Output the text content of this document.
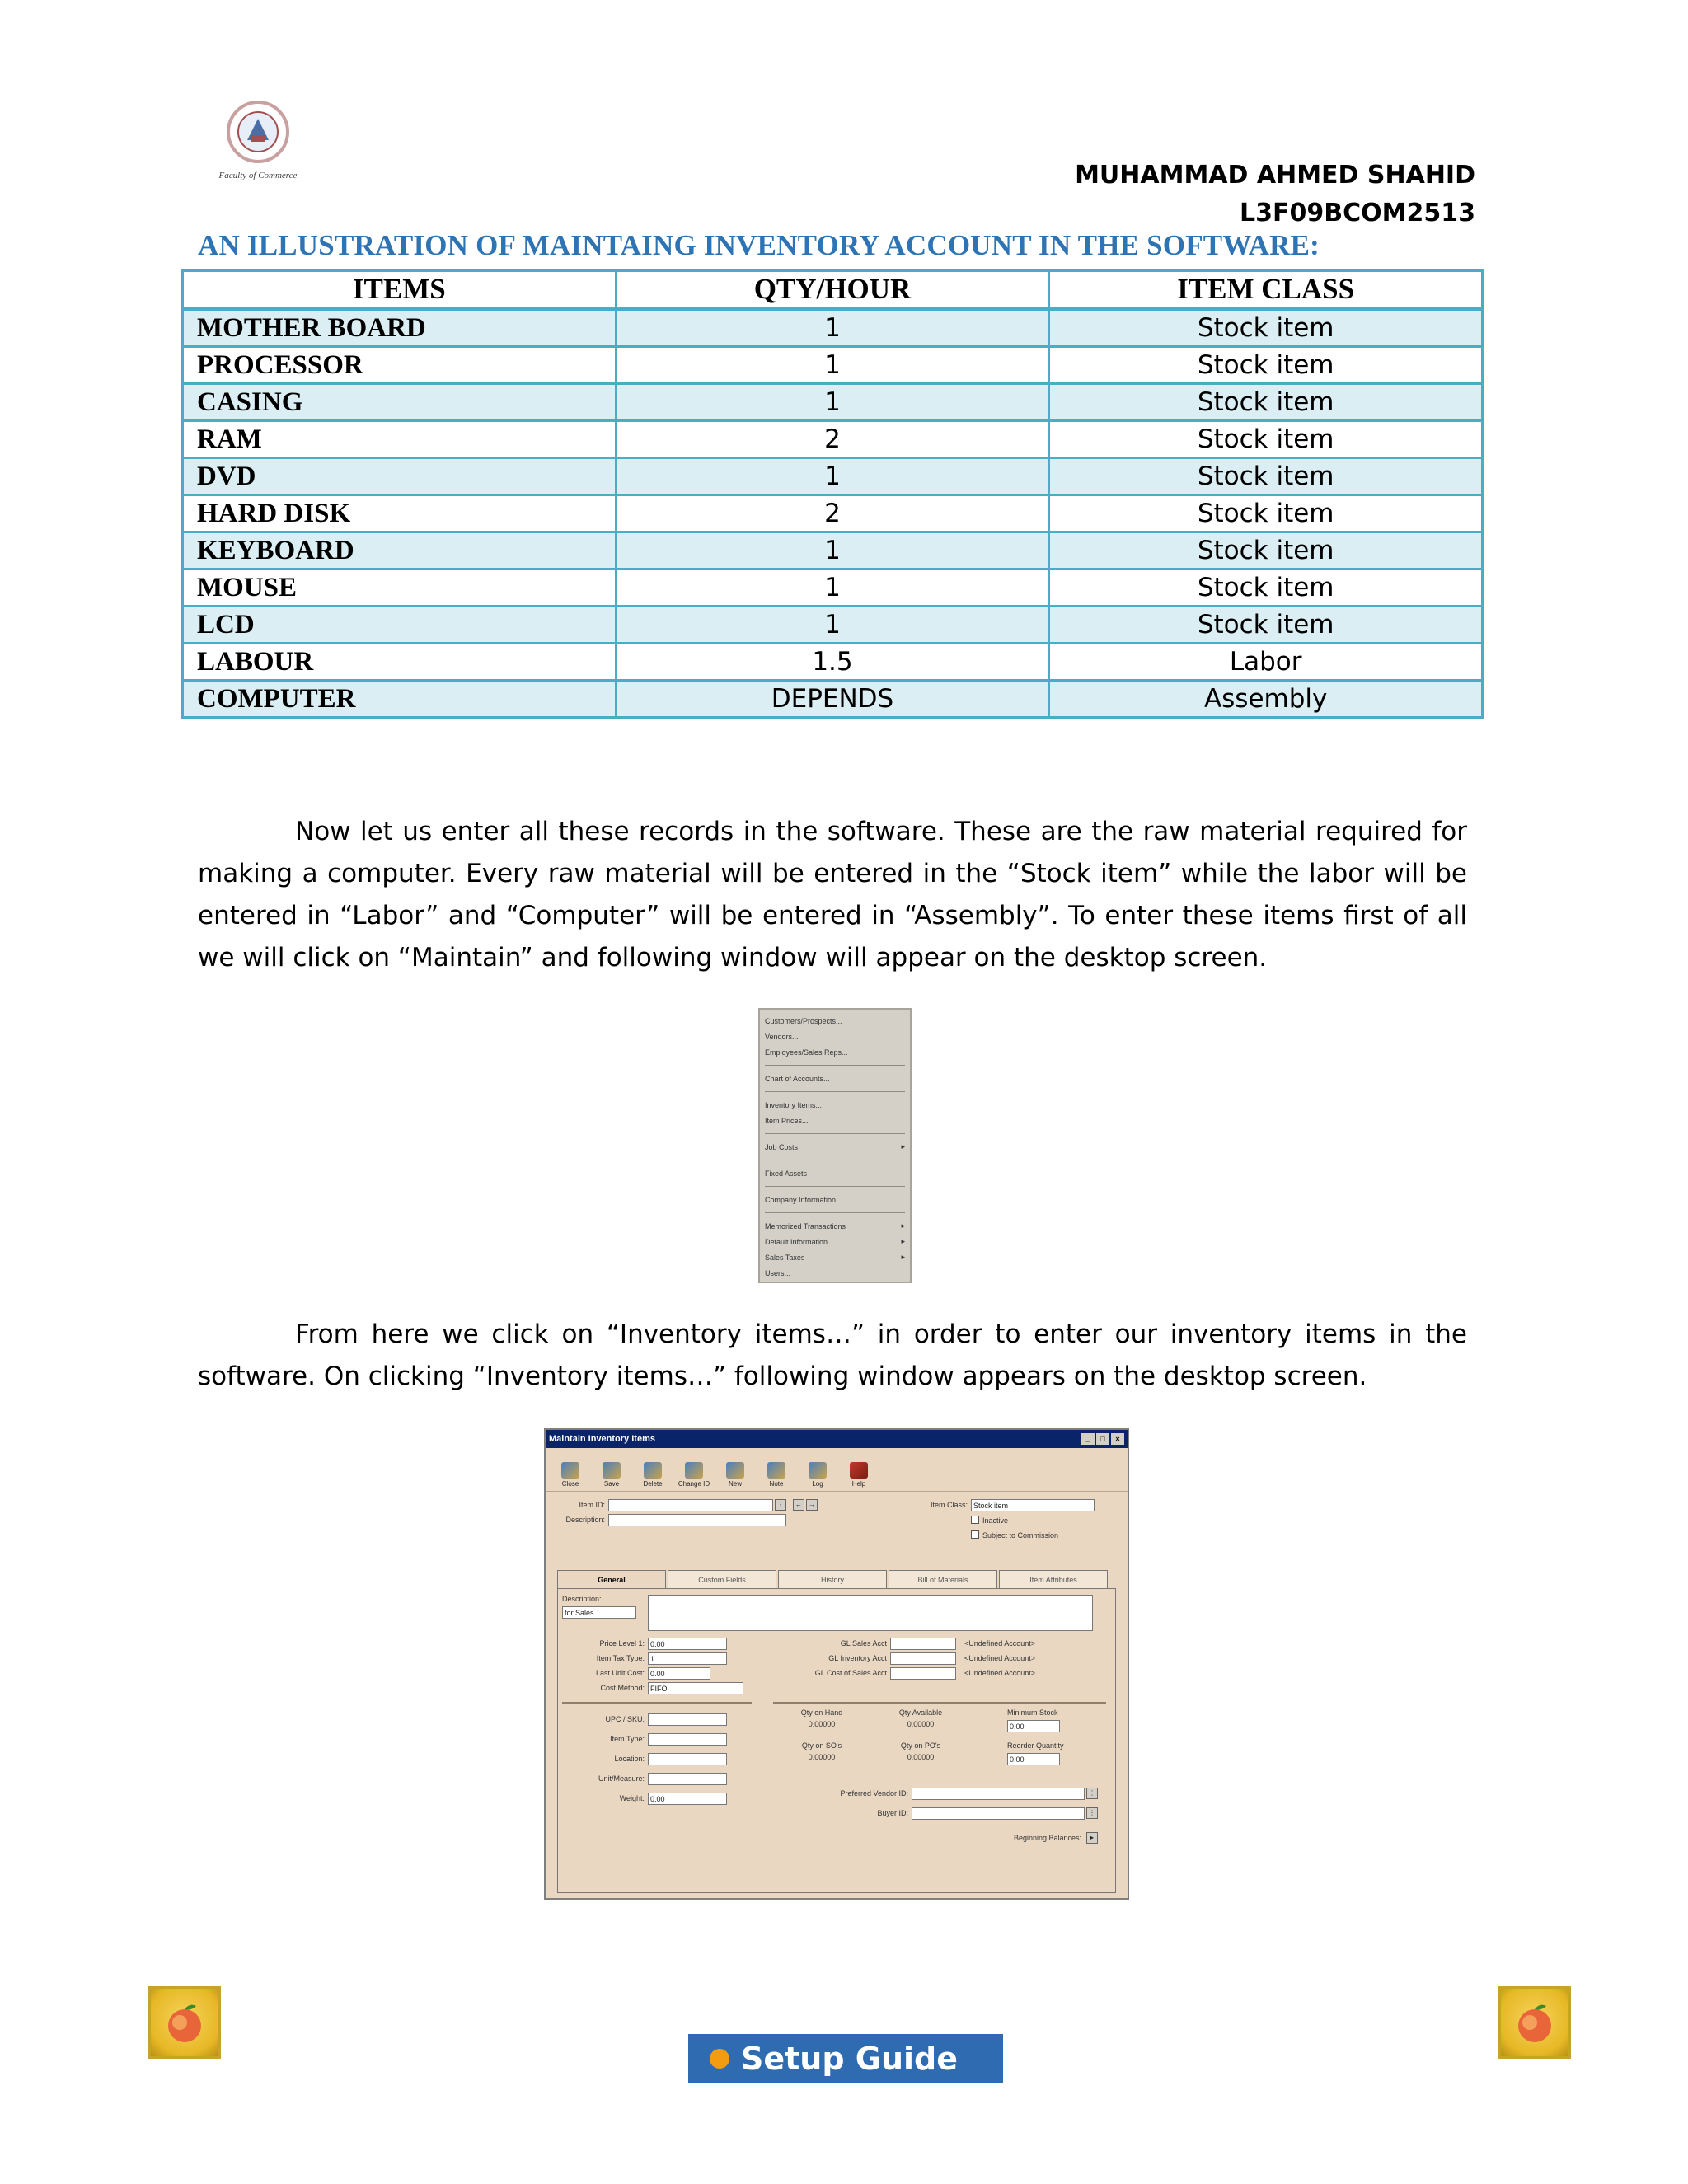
Faculty of Commerce	MUHAMMAD AHMED SHAHID
L3F09BCOM2513
AN ILLUSTRATION OF MAINTAING INVENTORY ACCOUNT IN THE SOFTWARE:
ITEMS	QTY/HOUR	ITEM CLASS
MOTHER BOARD	1	Stock item
PROCESSOR	1	Stock item
CASING	1	Stock item
RAM	2	Stock item
DVD	1	Stock item
HARD DISK	2	Stock item
KEYBOARD	1	Stock item
MOUSE	1	Stock item
LCD	1	Stock item
LABOUR	1.5	Labor
COMPUTER	DEPENDS	Assembly

Now let us enter all these records in the software. These are the raw material required for making a computer. Every raw material will be entered in the “Stock item” while the labor will be entered in “Labor” and “Computer” will be entered in “Assembly”. To enter these items first of all we will click on “Maintain” and following window will appear on the desktop screen.

Customers/Prospects...
Vendors...
Employees/Sales Reps...
Chart of Accounts...
Inventory Items...
Item Prices...
Job Costs	▸
Fixed Assets
Company Information...
Memorized Transactions	▸
Default Information	▸
Sales Taxes	▸
Users...

From here we click on “Inventory items…” in order to enter our inventory items in the software. On clicking “Inventory items…” following window appears on the desktop screen.

Maintain Inventory Items	_	□	×
Close	Save	Delete Change ID	New	Note	Log	Help
Item ID:	⋮	←	→
Description:
Item Class: Stock item
Inactive
Subject to Commission
General	Custom Fields	History	Bill of Materials	Item Attributes
Description:
for Sales
Price Level 1: 0.00
Item Tax Type: 1
Last Unit Cost: 0.00
Cost Method: FIFO
GL Sales Acct	<Undefined Account>
GL Inventory Acct	<Undefined Account>
GL Cost of Sales Acct	<Undefined Account>
UPC / SKU:
Item Type:
Location:
Unit/Measure:
Weight: 0.00
Qty on Hand
0.00000
Qty Available
0.00000
Minimum Stock
0.00
Qty on SO's
0.00000
Qty on PO's
0.00000
Reorder Quantity
0.00
Preferred Vendor ID:	⋮
Buyer ID:	⋮
Beginning Balances:	▸
Setup Guide
